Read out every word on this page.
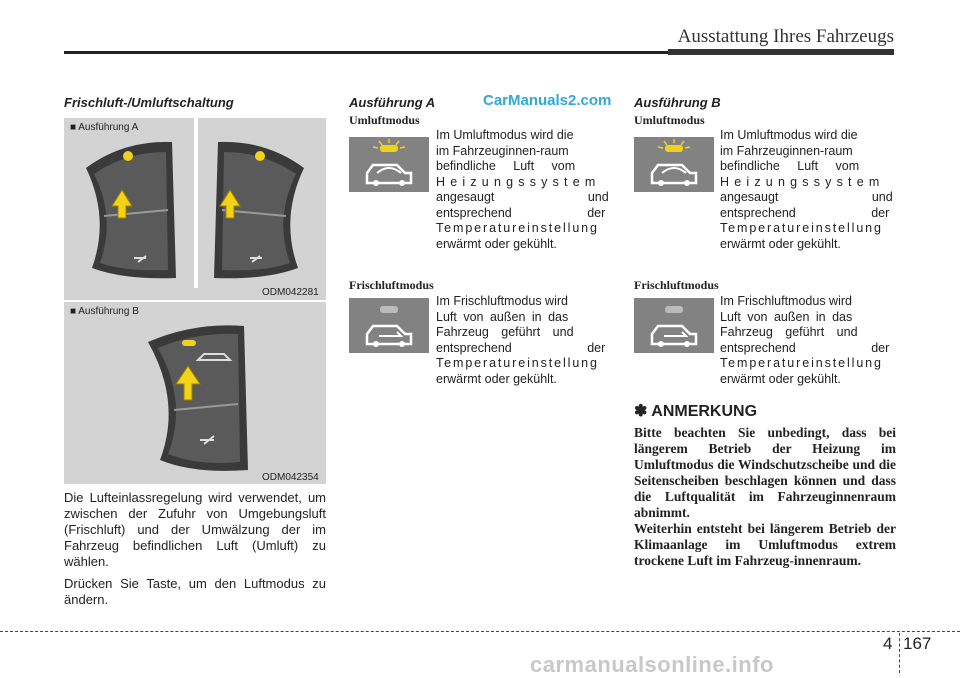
Ausstattung Ihres Fahrzeugs
Frischluft-/Umluftschaltung
■ Ausführung A
ODM042281
■ Ausführung B
ODM042354

Die Lufteinlassregelung wird verwendet, um zwischen der Zufuhr von Umgebungsluft (Frischluft) und der Umwälzung der im Fahrzeug befindlichen Luft (Umluft) zu wählen.

Drücken Sie Taste, um den Luftmodus zu ändern.

Ausführung A	CarManuals2.com
Umluftmodus
Im Umluftmodus wird die
im Fahrzeuginnen-raum
befindliche Luft vom
Heizungssystem
angesaugt und
entsprechend der
Temperatureinstellung
erwärmt oder gekühlt.
Frischluftmodus
Im Frischluftmodus wird
Luft von außen in das
Fahrzeug geführt und
entsprechend der
Temperatureinstellung
erwärmt oder gekühlt.
Ausführung B
Umluftmodus
Im Umluftmodus wird die
im Fahrzeuginnen-raum
befindliche Luft vom
Heizungssystem
angesaugt und
entsprechend der
Temperatureinstellung
erwärmt oder gekühlt.
Frischluftmodus
Im Frischluftmodus wird
Luft von außen in das
Fahrzeug geführt und
entsprechend der
Temperatureinstellung
erwärmt oder gekühlt.
✽ ANMERKUNG

Bitte beachten Sie unbedingt, dass bei längerem Betrieb der Heizung im Umluftmodus die Windschutzscheibe und die Seitenscheiben beschlagen können und dass die Luftqualität im Fahrzeuginnenraum abnimmt.

Weiterhin entsteht bei längerem Betrieb der Klimaanlage im Umluftmodus extrem trockene Luft im Fahrzeug-innenraum.

4 167
carmanualsonline.info
